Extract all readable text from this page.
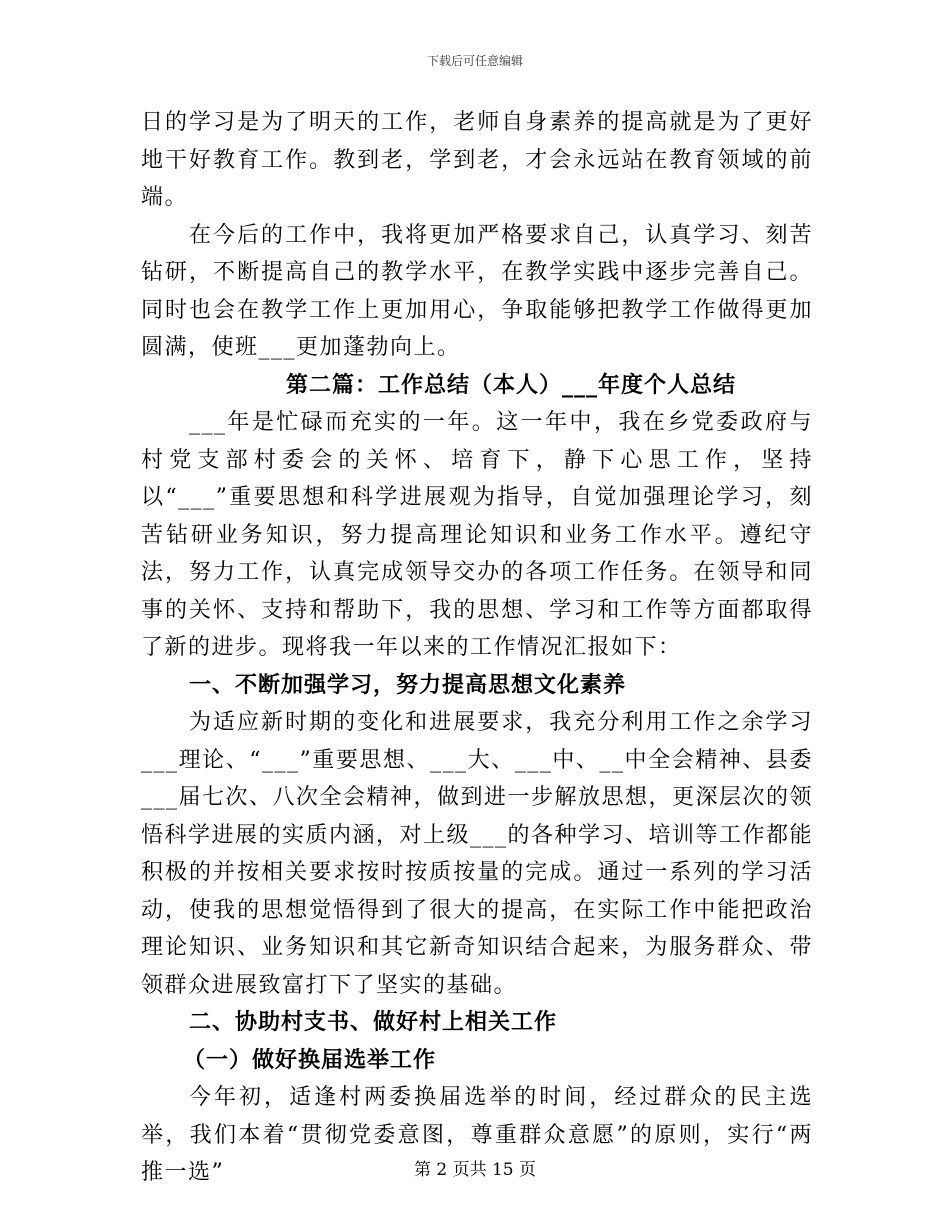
下载后可任意编辑

日的学习是为了明天的工作，老师自身素养的提高就是为了更好地干好教育工作。教到老，学到老，才会永远站在教育领域的前端。

在今后的工作中，我将更加严格要求自己，认真学习、刻苦钻研，不断提高自己的教学水平，在教学实践中逐步完善自己。同时也会在教学工作上更加用心，争取能够把教学工作做得更加圆满，使班___更加蓬勃向上。

第二篇：工作总结（本人）___年度个人总结

___年是忙碌而充实的一年。这一年中，我在乡党委政府与村党支部村委会的关怀、培育下，静下心思工作，坚持以“___”重要思想和科学进展观为指导，自觉加强理论学习，刻苦钻研业务知识，努力提高理论知识和业务工作水平。遵纪守法，努力工作，认真完成领导交办的各项工作任务。在领导和同事的关怀、支持和帮助下，我的思想、学习和工作等方面都取得了新的进步。现将我一年以来的工作情况汇报如下：

一、不断加强学习，努力提高思想文化素养

为适应新时期的变化和进展要求，我充分利用工作之余学习___理论、“___”重要思想、___大、___中、__中全会精神、县委___届七次、八次全会精神，做到进一步解放思想，更深层次的领悟科学进展的实质内涵，对上级___的各种学习、培训等工作都能积极的并按相关要求按时按质按量的完成。通过一系列的学习活动，使我的思想觉悟得到了很大的提高，在实际工作中能把政治理论知识、业务知识和其它新奇知识结合起来，为服务群众、带领群众进展致富打下了坚实的基础。

二、协助村支书、做好村上相关工作

（一）做好换届选举工作

今年初，适逢村两委换届选举的时间，经过群众的民主选举，我们本着“贯彻党委意图，尊重群众意愿”的原则，实行“两推一选”	第 2 页共 15 页
